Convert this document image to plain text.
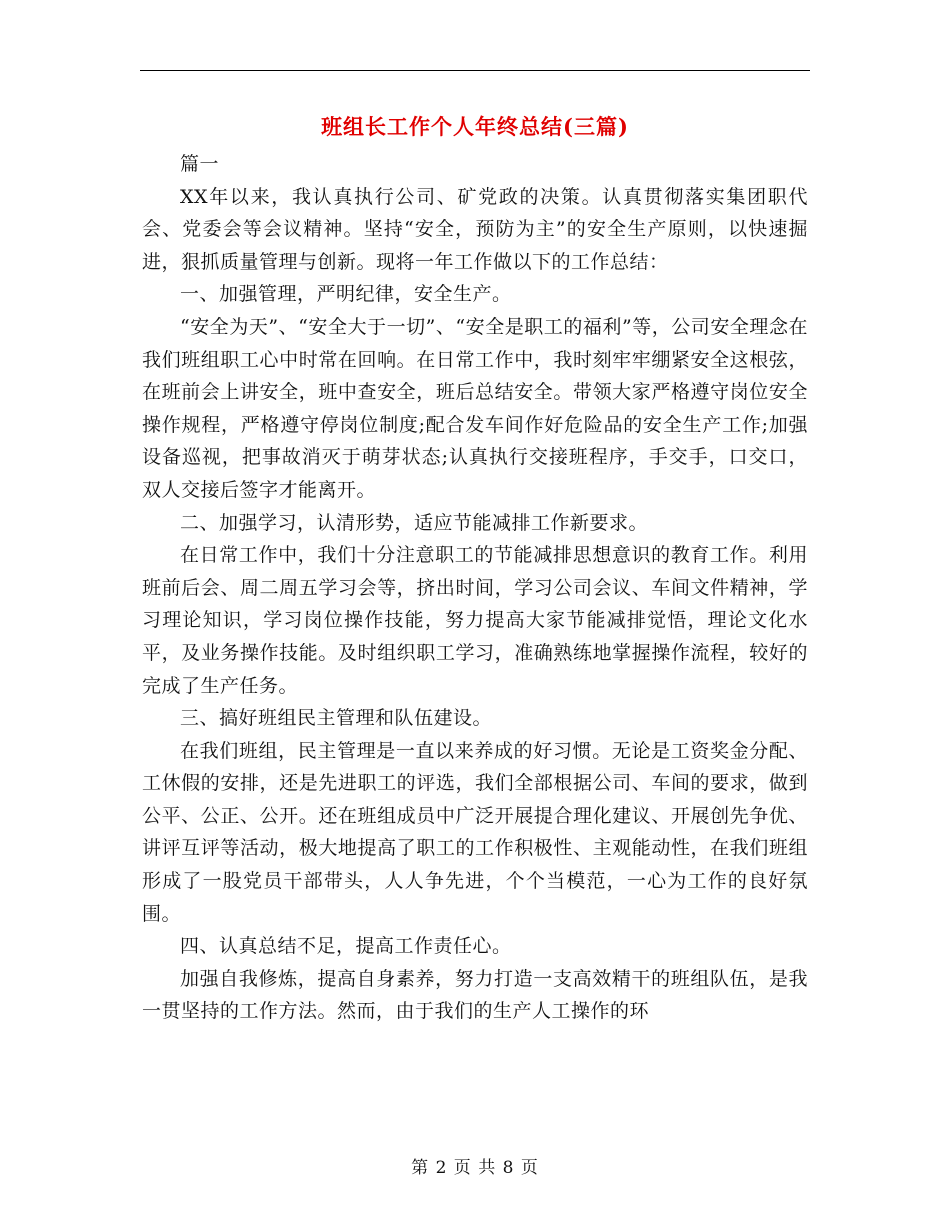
班组长工作个人年终总结(三篇)

篇一

XX年以来，我认真执行公司、矿党政的决策。认真贯彻落实集团职代会、党委会等会议精神。坚持“安全，预防为主”的安全生产原则，以快速掘进，狠抓质量管理与创新。现将一年工作做以下的工作总结：

一、加强管理，严明纪律，安全生产。

“安全为天”、“安全大于一切”、“安全是职工的福利”等，公司安全理念在我们班组职工心中时常在回响。在日常工作中，我时刻牢牢绷紧安全这根弦，在班前会上讲安全，班中查安全，班后总结安全。带领大家严格遵守岗位安全操作规程，严格遵守停岗位制度;配合发车间作好危险品的安全生产工作;加强设备巡视，把事故消灭于萌芽状态;认真执行交接班程序，手交手，口交口，双人交接后签字才能离开。

二、加强学习，认清形势，适应节能减排工作新要求。

在日常工作中，我们十分注意职工的节能减排思想意识的教育工作。利用班前后会、周二周五学习会等，挤出时间，学习公司会议、车间文件精神，学习理论知识，学习岗位操作技能，努力提高大家节能减排觉悟，理论文化水平，及业务操作技能。及时组织职工学习，准确熟练地掌握操作流程，较好的完成了生产任务。

三、搞好班组民主管理和队伍建设。

在我们班组，民主管理是一直以来养成的好习惯。无论是工资奖金分配、工休假的安排，还是先进职工的评选，我们全部根据公司、车间的要求，做到公平、公正、公开。还在班组成员中广泛开展提合理化建议、开展创先争优、讲评互评等活动，极大地提高了职工的工作积极性、主观能动性，在我们班组形成了一股党员干部带头，人人争先进，个个当模范，一心为工作的良好氛围。

四、认真总结不足，提高工作责任心。

加强自我修炼，提高自身素养，努力打造一支高效精干的班组队伍，是我一贯坚持的工作方法。然而，由于我们的生产人工操作的环

第 2 页 共 8 页
